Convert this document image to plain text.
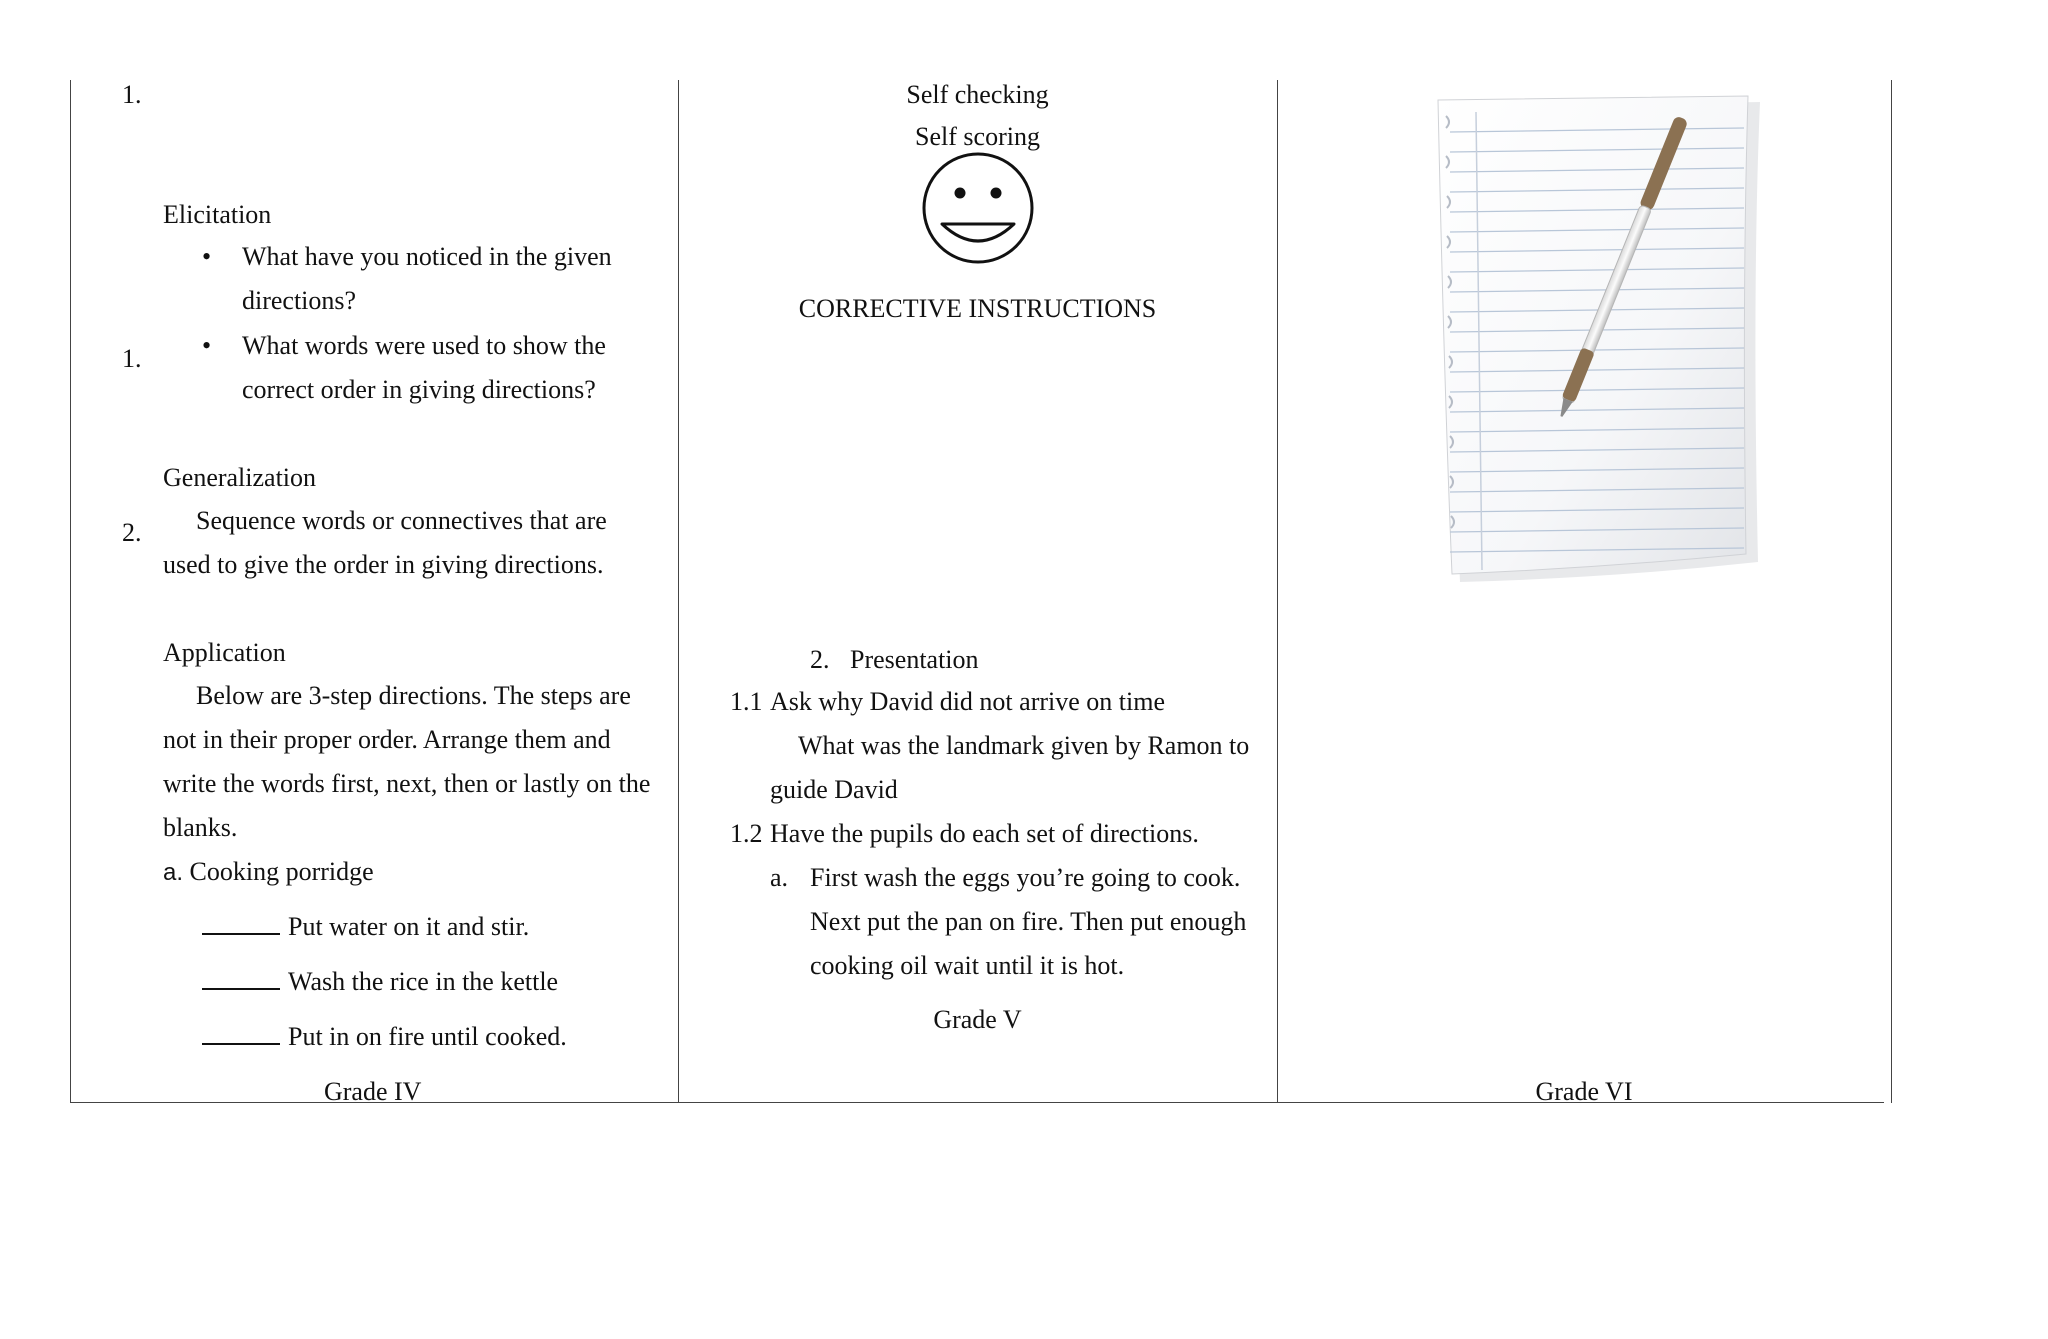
1.
Elicitation
• What have you noticed in the given
directions?
1. • What words were used to show the
correct order in giving directions?
Generalization
2. Sequence words or connectives that are
used to give the order in giving directions.
Application
Below are 3-step directions. The steps are
not in their proper order. Arrange them and
write the words first, next, then or lastly on the
blanks.
a. Cooking porridge
Put water on it and stir.
Wash the rice in the kettle
Put in on fire until cooked.
Grade IV
Self checking
Self scoring
CORRECTIVE INSTRUCTIONS
2. Presentation
1.1 Ask why David did not arrive on time
What was the landmark given by Ramon to
guide David
1.2 Have the pupils do each set of directions.
a. First wash the eggs you’re going to cook.
Next put the pan on fire. Then put enough
cooking oil wait until it is hot.
Grade V
Grade VI
